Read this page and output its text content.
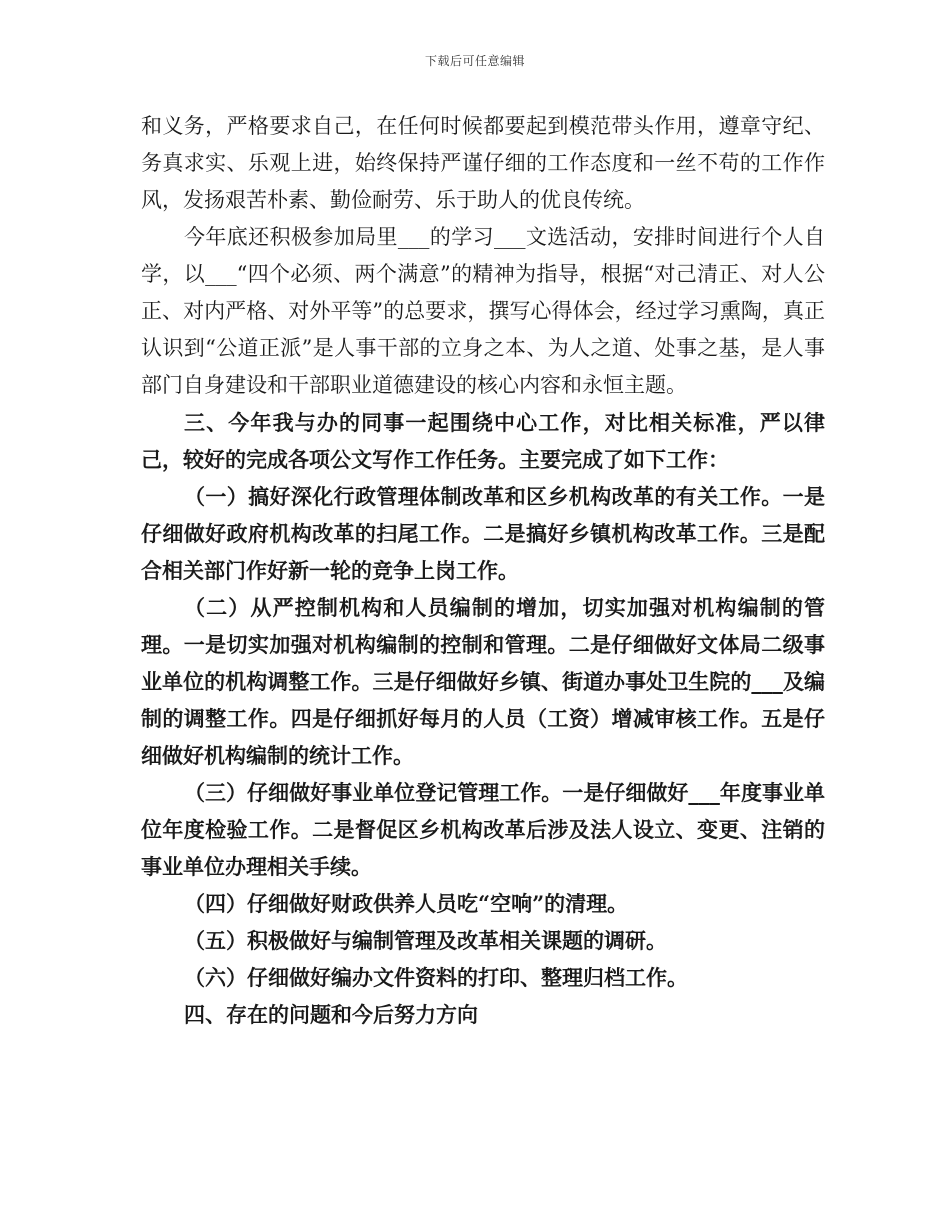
下载后可任意编辑

和义务，严格要求自己，在任何时候都要起到模范带头作用，遵章守纪、务真求实、乐观上进，始终保持严谨仔细的工作态度和一丝不苟的工作作风，发扬艰苦朴素、勤俭耐劳、乐于助人的优良传统。

今年底还积极参加局里___的学习___文选活动，安排时间进行个人自学，以___“四个必须、两个满意”的精神为指导，根据“对己清正、对人公正、对内严格、对外平等”的总要求，撰写心得体会，经过学习熏陶，真正认识到“公道正派”是人事干部的立身之本、为人之道、处事之基，是人事部门自身建设和干部职业道德建设的核心内容和永恒主题。

三、今年我与办的同事一起围绕中心工作，对比相关标准，严以律己，较好的完成各项公文写作工作任务。主要完成了如下工作：

（一）搞好深化行政管理体制改革和区乡机构改革的有关工作。一是仔细做好政府机构改革的扫尾工作。二是搞好乡镇机构改革工作。三是配合相关部门作好新一轮的竞争上岗工作。

（二）从严控制机构和人员编制的增加，切实加强对机构编制的管理。一是切实加强对机构编制的控制和管理。二是仔细做好文体局二级事业单位的机构调整工作。三是仔细做好乡镇、街道办事处卫生院的___及编制的调整工作。四是仔细抓好每月的人员（工资）增减审核工作。五是仔细做好机构编制的统计工作。

（三）仔细做好事业单位登记管理工作。一是仔细做好___年度事业单位年度检验工作。二是督促区乡机构改革后涉及法人设立、变更、注销的事业单位办理相关手续。

（四）仔细做好财政供养人员吃“空响”的清理。

（五）积极做好与编制管理及改革相关课题的调研。

（六）仔细做好编办文件资料的打印、整理归档工作。

四、存在的问题和今后努力方向
